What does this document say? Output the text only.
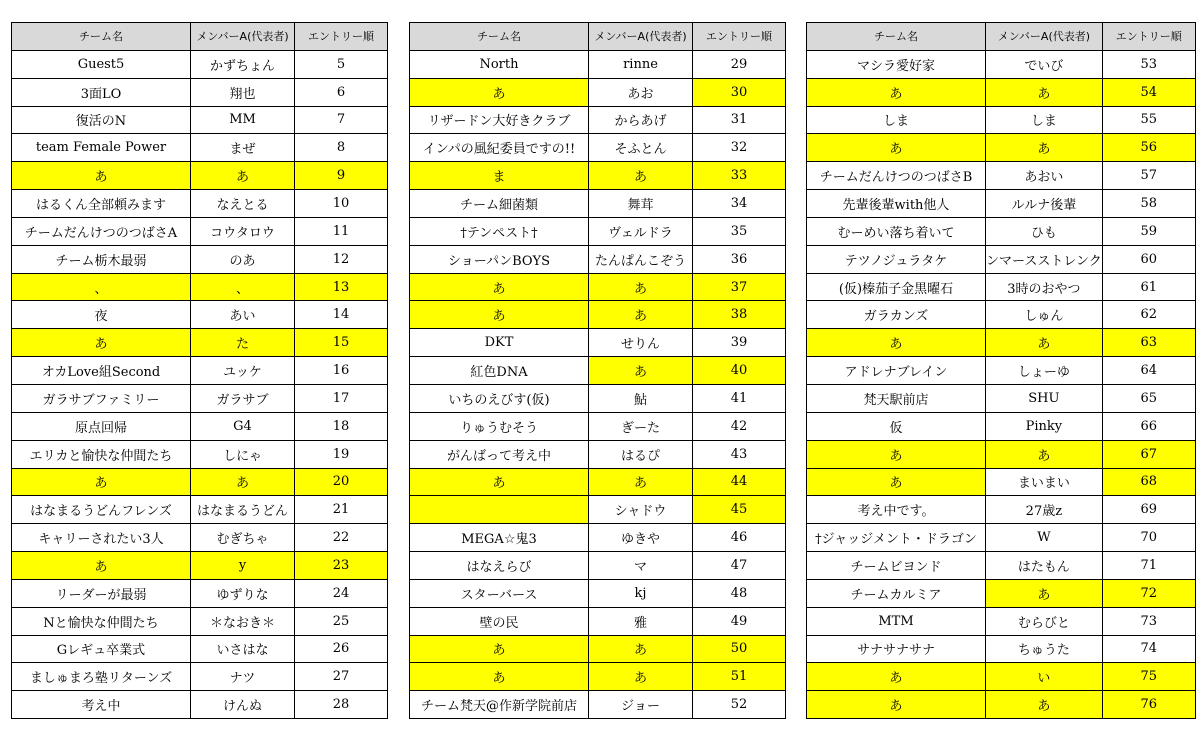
チーム名	メンバーA(代表者)	エントリー順
Guest5	かずちょん	5
3面LO	翔也	6
復活のN	MM	7
team Female Power	まぜ	8
あ	あ	9
はるくん全部頼みます	なえとる	10
チームだんけつのつばさA	コウタロウ	11
チーム栃木最弱	のあ	12
、	、	13
夜	あい	14
あ	た	15
オカLove組Second	ユッケ	16
ガラサブファミリー	ガラサブ	17
原点回帰	G4	18
エリカと愉快な仲間たち	しにゃ	19
あ	あ	20
はなまるうどんフレンズ	はなまるうどん	21
キャリーされたい3人	むぎちゃ	22
あ	y	23
リーダーが最弱	ゆずりな	24
Nと愉快な仲間たち	＊なおき＊	25
Gレギュ卒業式	いさはな	26
ましゅまろ塾リターンズ	ナツ	27
考え中	けんぬ	28
チーム名	メンバーA(代表者)	エントリー順
North	rinne	29
あ	あお	30
リザードン大好きクラブ	からあげ	31
インパの風紀委員ですの!!	そふとん	32
ま	あ	33
チーム細菌類	舞茸	34
†テンペスト†	ヴェルドラ	35
ショーパンBOYS	たんぱんこぞう	36
あ	あ	37
あ	あ	38
DKT	せりん	39
紅色DNA	あ	40
いちのえびす(仮)	鮎	41
りゅうむそう	ぎーた	42
がんばって考え中	はるぴ	43
あ	あ	44
	シャドウ	45
MEGA☆鬼3	ゆきや	46
はなえらび	マ	47
スターバース	kj	48
壁の民	雅	49
あ	あ	50
あ	あ	51
チーム梵天@作新学院前店	ジョー	52
チーム名	メンバーA(代表者)	エントリー順
マシラ愛好家	でいび	53
あ	あ	54
しま	しま	55
あ	あ	56
チームだんけつのつばさB	あおい	57
先輩後輩with他人	ルルナ後輩	58
むーめい落ち着いて	ひも	59
テツノジュラタケ	ンマースストレンク	60
(仮)榛茄子金黒曜石	3時のおやつ	61
ガラカンズ	しゅん	62
あ	あ	63
アドレナブレイン	しょーゆ	64
梵天駅前店	SHU	65
仮	Pinky	66
あ	あ	67
あ	まいまい	68
考え中です。	27歳z	69
†ジャッジメント・ドラゴン	W	70
チームビヨンド	はたもん	71
チームカルミア	あ	72
MTM	むらびと	73
サナサナサナ	ちゅうた	74
あ	い	75
あ	あ	76
